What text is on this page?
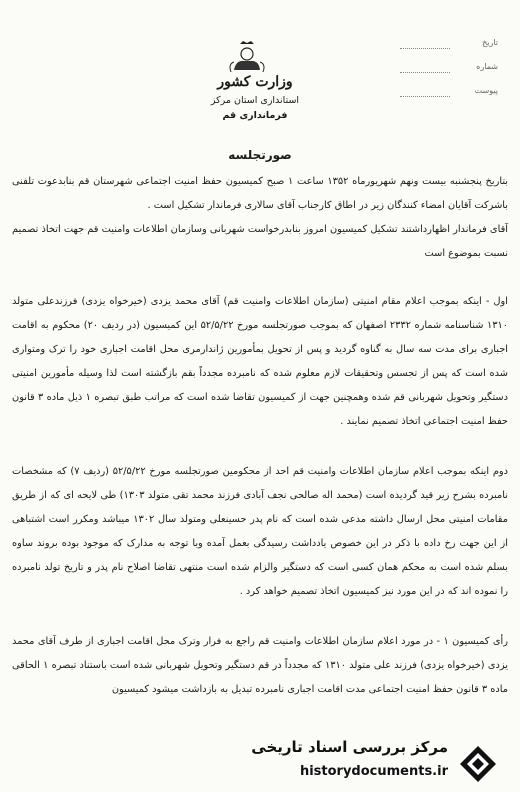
وزارت کشور
استانداری استان مرکز
فرمانداری قم
تاریخ
شماره
پیوست
صورتجلسه
بتاریخ پنجشنبه بیست ونهم شهریورماه ۱۳۵۲ ساعت ۱ صبح کمیسیون حفظ امنیت اجتماعی شهرستان قم بنابدعوت تلفنی باشرکت آقایان امضاء کنندگان زیر در اطاق کارجناب آقای سالاری فرماندار تشکیل است .
آقای فرماندار اظهارداشتند تشکیل کمیسیون امروز بنابدرخواست شهربانی وسازمان اطلاعات وامنیت قم جهت اتخاذ تصمیم نسبت بموضوع است
اول - اینکه بموجب اعلام مقام امنیتی (سازمان اطلاعات وامنیت قم) آقای محمد یزدی (خیرخواه یزدی) فرزندعلی متولد ۱۳۱۰ شناسنامه شماره ۲۳۳۲ اصفهان که بموجب صورتجلسه مورخ ۵۲/۵/۲۲ این کمیسیون (در ردیف ۲۰) محکوم به اقامت اجباری برای مدت سه سال به گناوه گردید و پس از تحویل بمأمورین ژاندارمری محل اقامت اجباری خود را ترک ومتواری شده است که پس از تجسس وتحقیقات لازم معلوم شده که نامبرده مجدداً بقم بازگشته است لذا وسیله مأمورین امنیتی دستگیر وتحویل شهربانی قم شده وهمچنین جهت از کمیسیون تقاضا شده است که مراتب طبق تبصره ۱ ذیل ماده ۳ قانون حفظ امنیت اجتماعی اتخاذ تصمیم نمایند .
دوم اینکه بموجب اعلام سازمان اطلاعات وامنیت قم احد از محکومین صورتجلسه مورخ ۵۲/۵/۲۲ (ردیف ۷) که مشخصات نامبرده بشرح زیر قید گردیده است (محمد اله صالحی نجف آبادی فرزند محمد تقی متولد ۱۳۰۳) طی لایحه ای که از طریق مقامات امنیتی محل ارسال داشته مدعی شده است که نام پدر حسینعلی ومتولد سال ۱۳۰۲ میباشد ومکرر است اشتباهی از این جهت رخ داده با ذکر در این خصوص یادداشت رسیدگی بعمل آمده وبا توجه به مدارک که موجود بوده بروند ساوه بسلم شده است به محکم همان کسی است که دستگیر والزام شده است منتهی تقاضا اصلاح نام پدر و تاریخ تولد نامبرده را نموده اند که در این مورد نیز کمیسیون اتخاذ تصمیم خواهد کرد .
رأی کمیسیون ۱ - در مورد اعلام سازمان اطلاعات وامنیت قم راجع به فرار وترک محل اقامت اجباری از طرف آقای محمد یزدی (خیرخواه یزدی) فرزند علی متولد ۱۳۱۰ که مجدداً در قم دستگیر وتحویل شهربانی شده است باستناد تبصره ۱ الحاقی ماده ۳ قانون حفظ امنیت اجتماعی مدت اقامت اجباری نامبرده تبدیل به بازداشت میشود کمیسیون
مرکز بررسی اسناد تاریخی
historydocuments.ir
